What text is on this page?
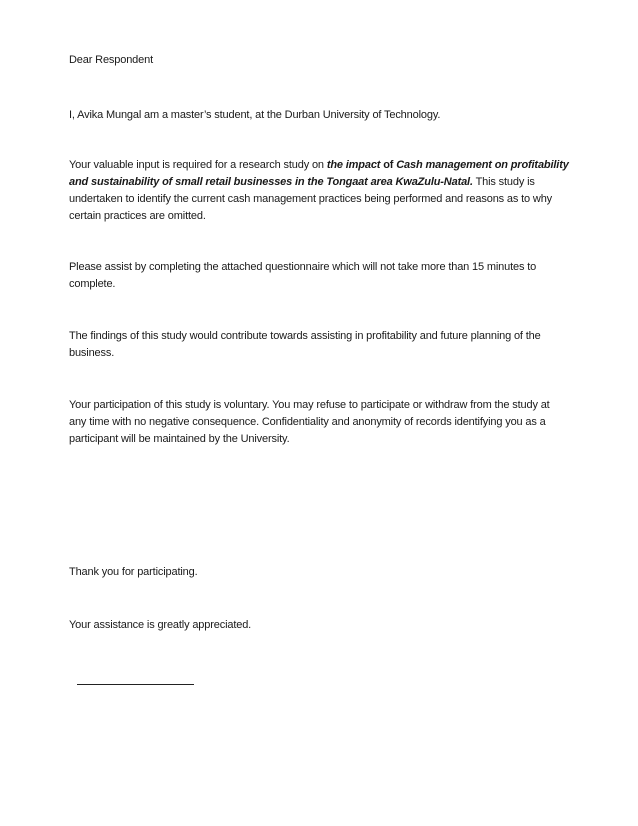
Dear Respondent

I, Avika Mungal am a master’s student, at the Durban University of Technology.

Your valuable input is required for a research study on the impact of Cash management on profitability and sustainability of small retail businesses in the Tongaat area KwaZulu-Natal. This study is undertaken to identify the current cash management practices being performed and reasons as to why certain practices are omitted.

Please assist by completing the attached questionnaire which will not take more than 15 minutes to complete.

The findings of this study would contribute towards assisting in profitability and future planning of the business.

Your participation of this study is voluntary. You may refuse to participate or withdraw from the study at any time with no negative consequence. Confidentiality and anonymity of records identifying you as a participant will be maintained by the University.

Thank you for participating.

Your assistance is greatly appreciated.
